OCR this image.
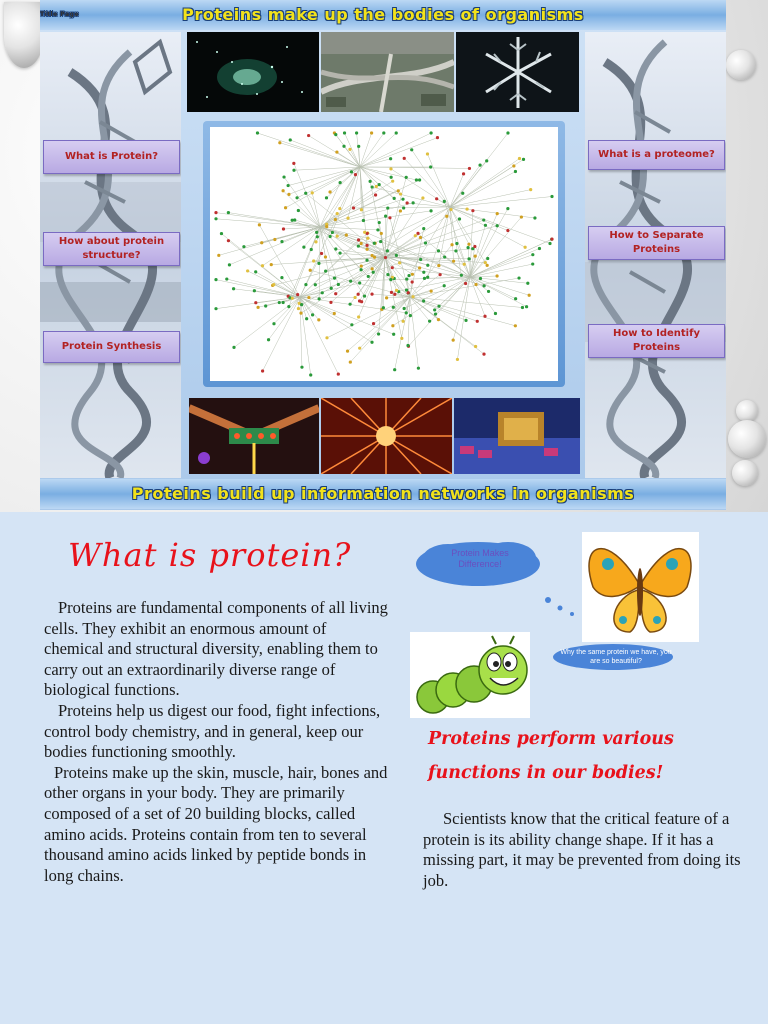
Title Page	Proteins make up the bodies of organisms
What is Protein?
How about protein structure?
Protein Synthesis
What is a proteome?
How to Separate Proteins
How to Identify Proteins
Proteins build up information networks in organisms
What is protein?

Proteins are fundamental components of all living cells. They exhibit an enormous amount of chemical and structural diversity, enabling them to carry out an extraordinarily diverse range of biological functions.

Proteins help us digest our food, fight infections, control body chemistry, and in general, keep our bodies functioning smoothly.

Proteins make up the skin, muscle, hair, bones and other organs in your body. They are primarily composed of a set of 20 building blocks, called amino acids. Proteins contain from ten to several thousand amino acids linked by peptide bonds in long chains.

Protein Makes Difference!
Why the same protein we have, you are so beautiful?
Proteins perform various functions in our bodies!

Scientists know that the critical feature of a protein is its ability change shape. If it has a missing part, it may be prevented from doing its job.
